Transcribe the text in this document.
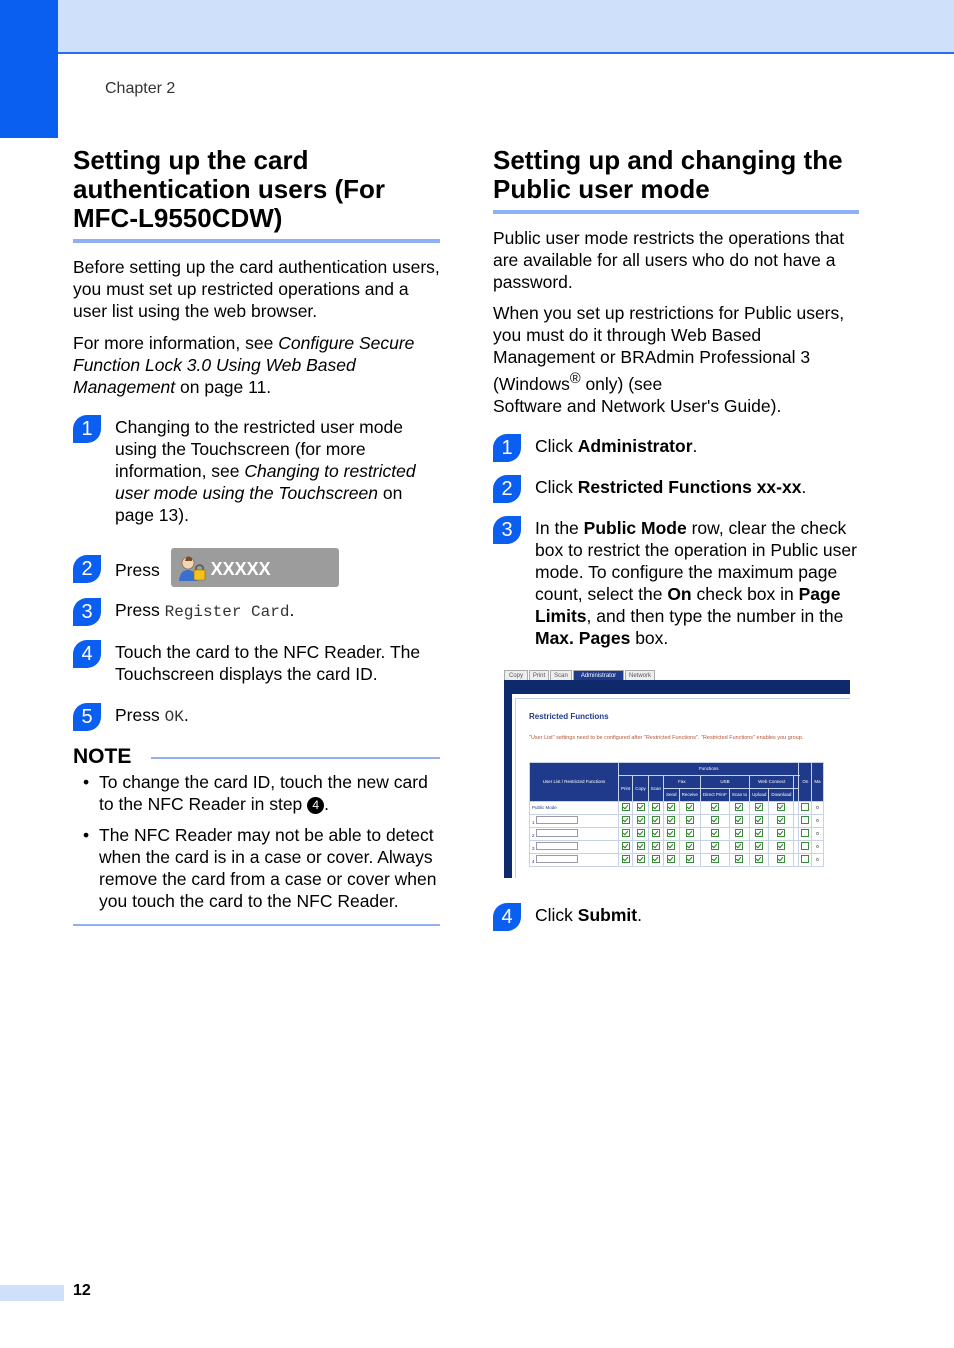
Chapter 2
Setting up the card authentication users (For MFC-L9550CDW)

Before setting up the card authentication users, you must set up restricted operations and a user list using the web browser.

For more information, see Configure Secure Function Lock 3.0 Using Web Based Management on page 11.

1	Changing to the restricted user mode using the Touchscreen (for more information, see Changing to restricted user mode using the Touchscreen on page 13).
2	Press	XXXXX
3	Press Register Card.
4	Touch the card to the NFC Reader. The Touchscreen displays the card ID.
5	Press OK.
NOTE
• To change the card ID, touch the new card to the NFC Reader in step 4 .
• The NFC Reader may not be able to detect when the card is in a case or cover. Always remove the card from a case or cover when you touch the card to the NFC Reader.
Setting up and changing the Public user mode

Public user mode restricts the operations that are available for all users who do not have a password.

When you set up restrictions for Public users, you must do it through Web Based Management or BRAdmin Professional 3 (Windows® only) (see
Software and Network User's Guide).

1	Click Administrator.
2	Click Restricted Functions xx-xx.
3	In the Public Mode row, clear the check box to restrict the operation in Public user mode. To configure the maximum page count, select the On check box in Page Limits, and then type the number in the Max. Pages box.
Copy	Print	Scan	Administrator	Network
Restricted Functions
"User List" settings need to be configured after "Restricted Functions". "Restricted Functions" enables you group.
User List / Restricted Functions	Functions										On	Ma
	Print	Copy	Scan	Fax		USB		Web Connect				
				Send	Receive	Direct Print*	Scan to	Upload	Download			
Public Mode												0
1												0
2												0
3												0
4												0
4	Click Submit.
12
